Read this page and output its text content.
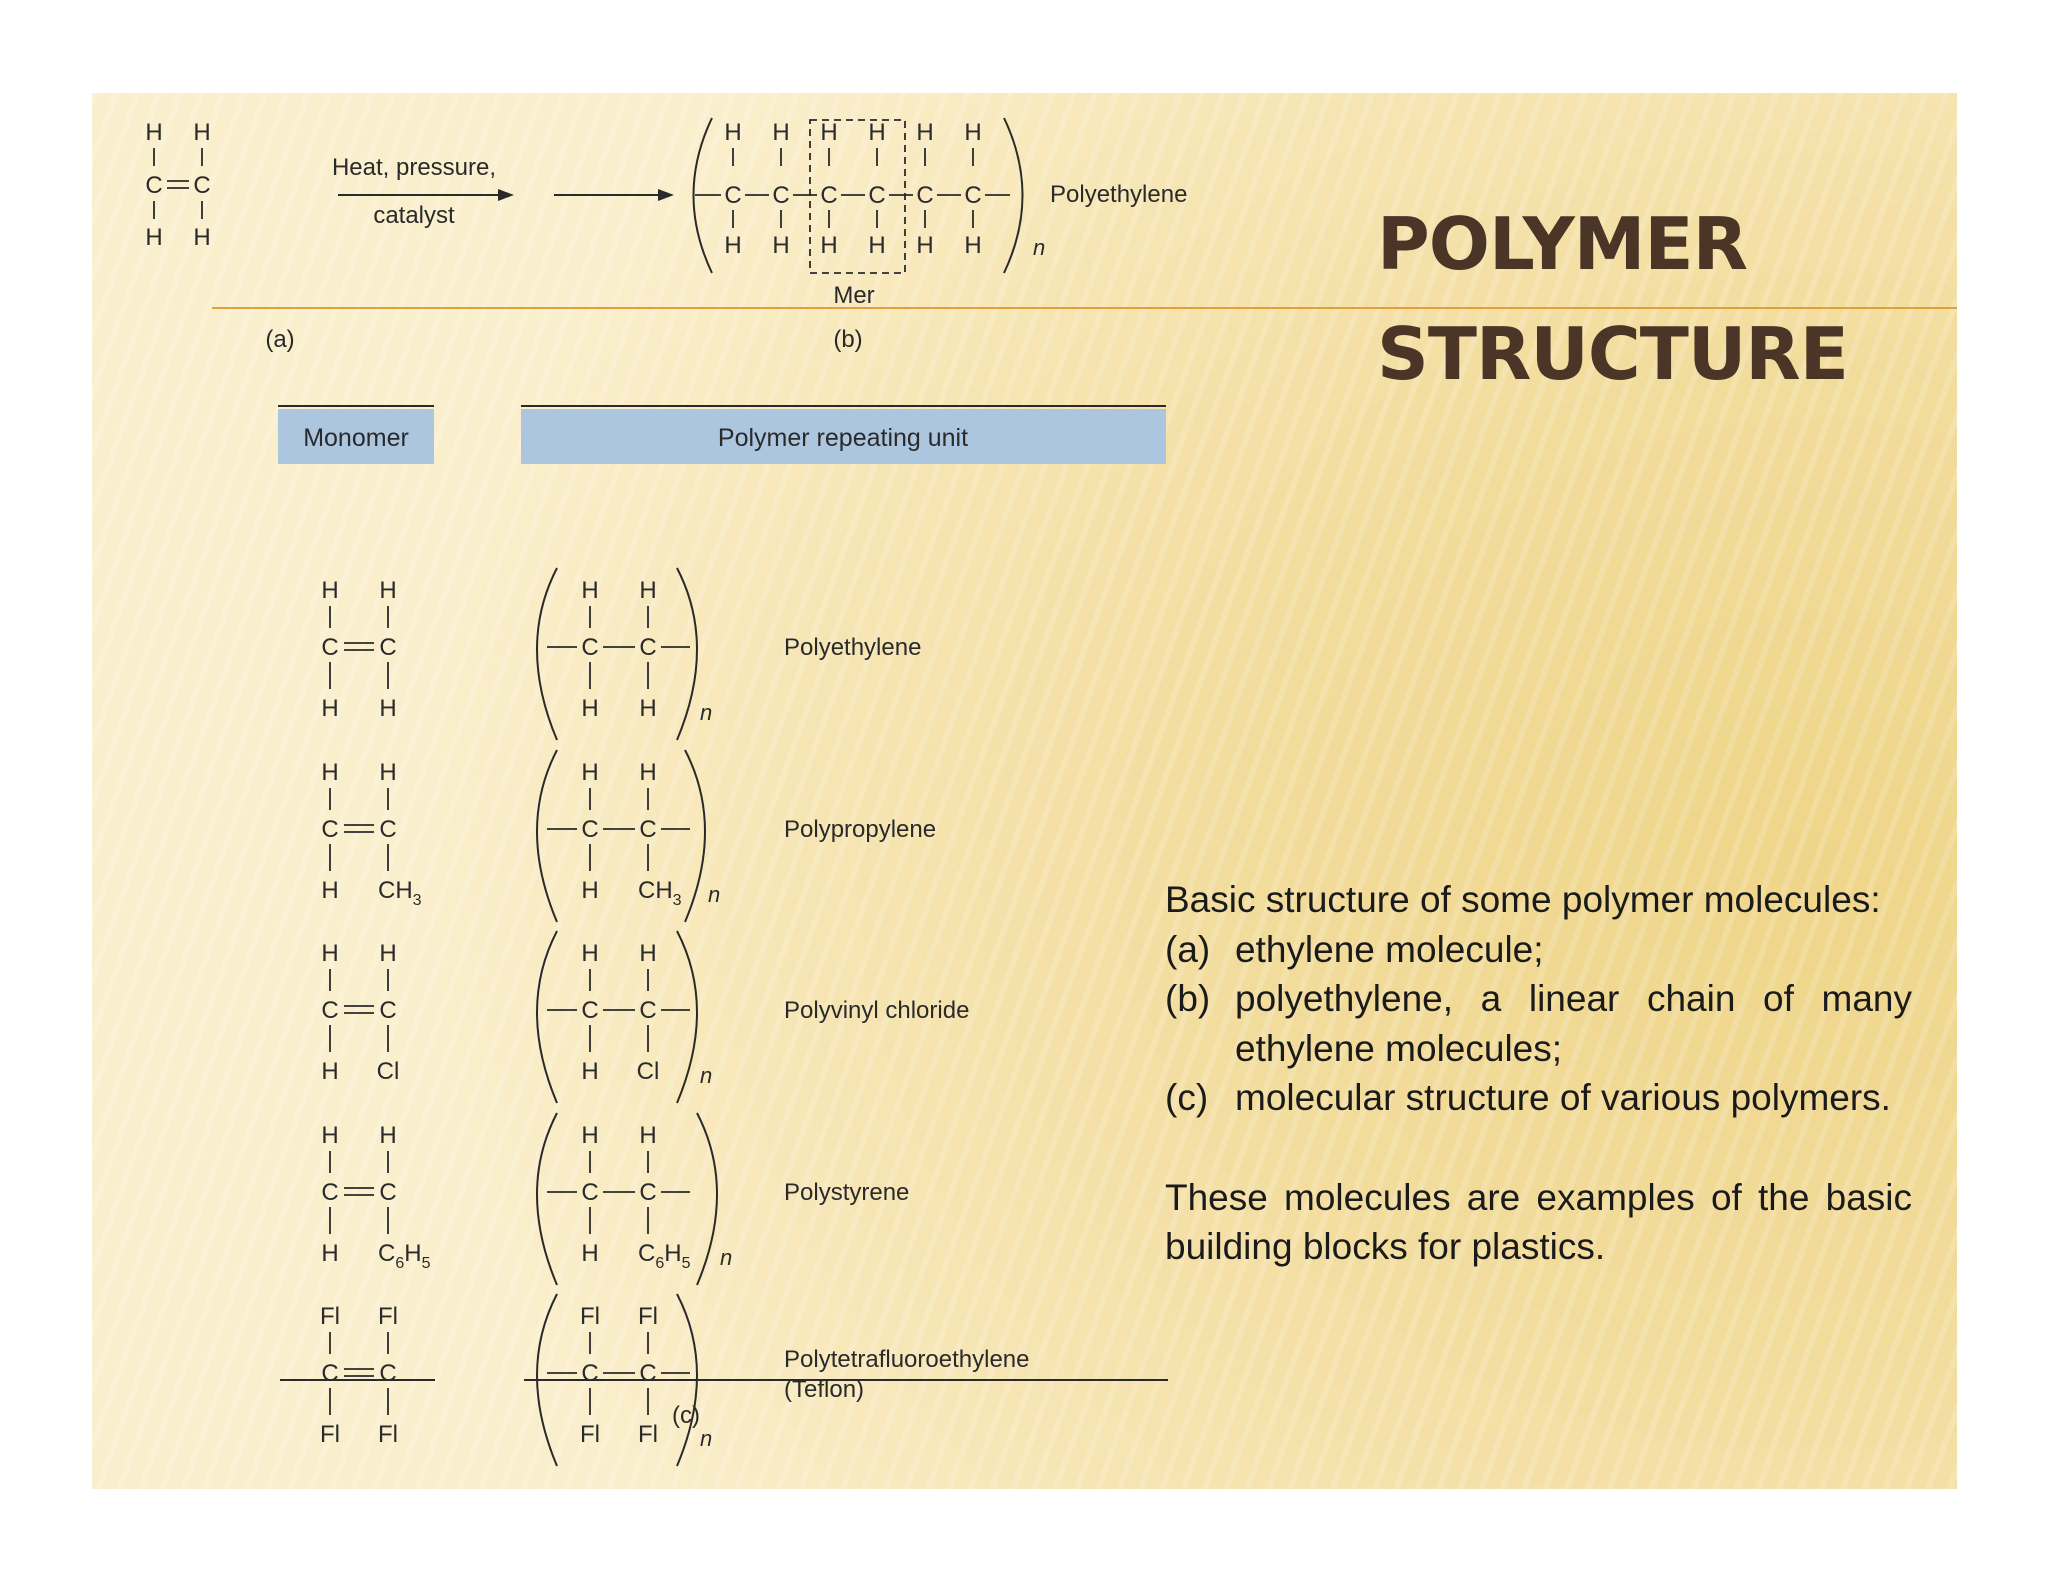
POLYMER
STRUCTURE
H H
C C
H H
Heat, pressure,
catalyst
(a)
H
C
H
H
C
H
H
C
H
H
C
H
H
C
H
H
C
H n
Mer
Polyethylene
(b)
Monomer	Polymer repeating unit
H H
C C
H H
H H
C C
H H n
Polyethylene
H H
C C
H $CH_3$
H H
C C
H $CH_3$ n
Polypropylene
H H
C C
H Cl
H H
C C
H Cl n
Polyvinyl chloride
H H
C C
H $C_6H_5$
H H
C C
H $C_6H_5$ n
Polystyrene
Fl Fl
C C
Fl Fl
Fl Fl
C C
Fl Fl n
Polytetrafluoroethylene
(Teflon)
(c)

Basic structure of some polymer molecules:

(a) ethylene molecule;
(b) polyethylene, a linear chain of many ethylene molecules;
(c) molecular structure of various polymers.

These molecules are examples of the basic building blocks for plastics.
